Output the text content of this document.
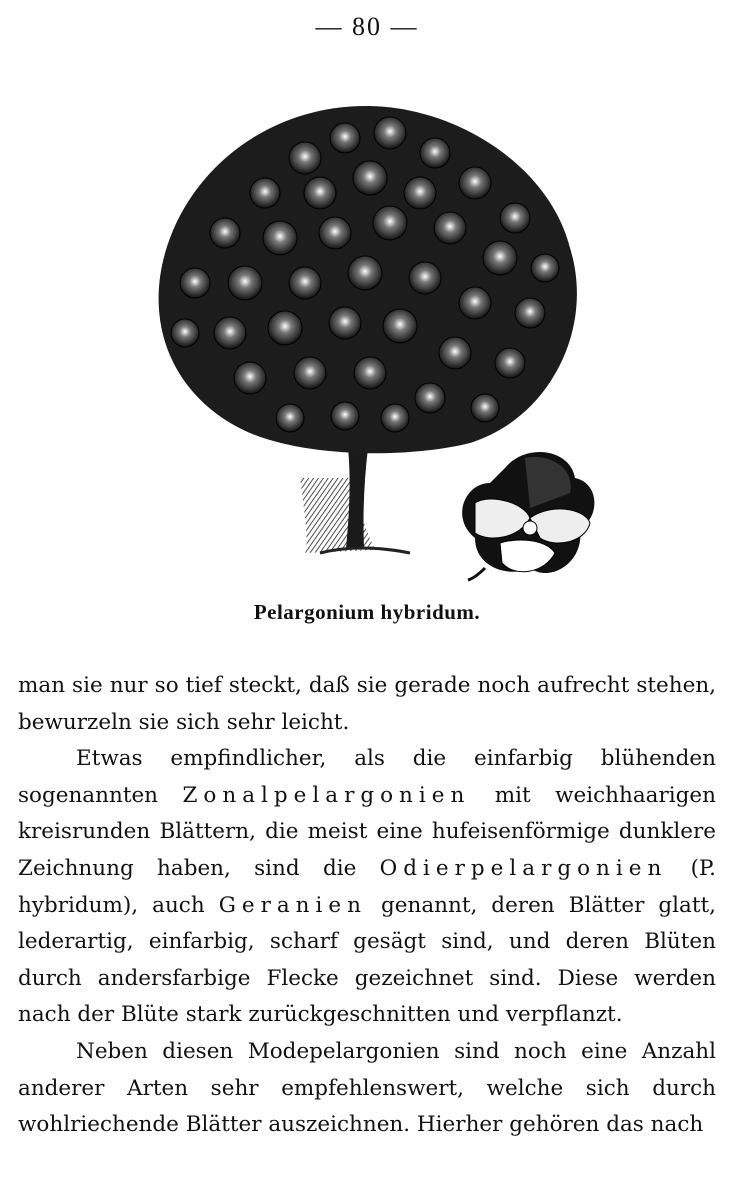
— 80 —
Pelargonium hybridum.

man sie nur so tief steckt, daß sie gerade noch aufrecht stehen, bewurzeln sie sich sehr leicht.

Etwas empfindlicher, als die einfarbig blühenden sogenannten Zonalpelargonien mit weichhaarigen kreisrunden Blättern, die meist eine hufeisenförmige dunklere Zeichnung haben, sind die Odierpelargonien (P. hybridum), auch Geranien genannt, deren Blätter glatt, lederartig, einfarbig, scharf gesägt sind, und deren Blüten durch andersfarbige Flecke gezeichnet sind. Diese werden nach der Blüte stark zurückgeschnitten und verpflanzt.

Neben diesen Modepelargonien sind noch eine Anzahl anderer Arten sehr empfehlenswert, welche sich durch wohlriechende Blätter auszeichnen. Hierher gehören das nach
